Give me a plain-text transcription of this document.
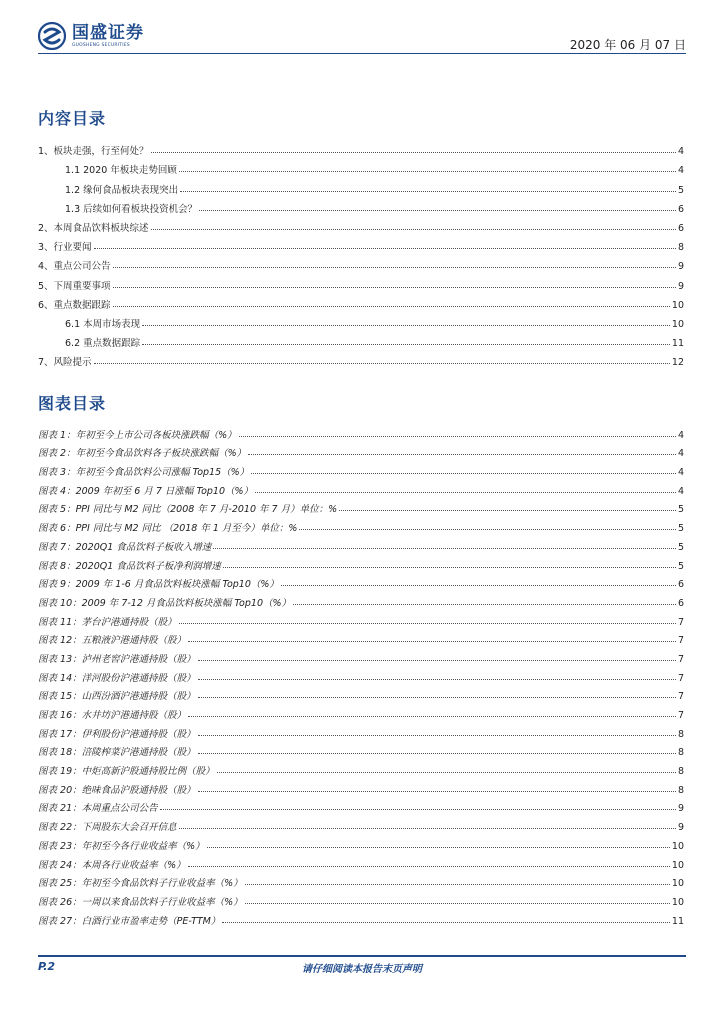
国盛证券
GUOSHENG SECURITIES	2020 年 06 月 07 日
内容目录
1、板块走强，行至何处？	4
1.1 2020 年板块走势回顾	4
1.2 缘何食品板块表现突出	5
1.3 后续如何看板块投资机会？	6
2、本周食品饮料板块综述	6
3、行业要闻	8
4、重点公司公告	9
5、下周重要事项	9
6、重点数据跟踪	10
6.1 本周市场表现	10
6.2 重点数据跟踪	11
7、风险提示	12
图表目录
图表 1：年初至今上市公司各板块涨跌幅（%）	4
图表 2：年初至今食品饮料各子板块涨跌幅（%）	4
图表 3：年初至今食品饮料公司涨幅 Top15（%）	4
图表 4：2009 年初至 6 月 7 日涨幅 Top10（%）	4
图表 5：PPI 同比与 M2 同比（2008 年 7 月-2010 年 7 月）单位：%	5
图表 6：PPI 同比与 M2 同比 （2018 年 1 月至今）单位：%	5
图表 7：2020Q1 食品饮料子板收入增速	5
图表 8：2020Q1 食品饮料子板净利润增速	5
图表 9：2009 年 1-6 月食品饮料板块涨幅 Top10（%）	6
图表 10：2009 年 7-12 月食品饮料板块涨幅 Top10（%）	6
图表 11：茅台沪港通持股（股）	7
图表 12：五粮液沪港通持股（股）	7
图表 13：泸州老窖沪港通持股（股）	7
图表 14：洋河股份沪港通持股（股）	7
图表 15：山西汾酒沪港通持股（股）	7
图表 16：水井坊沪港通持股（股）	7
图表 17：伊利股份沪港通持股（股）	8
图表 18：涪陵榨菜沪港通持股（股）	8
图表 19：中炬高新沪股通持股比例（股）	8
图表 20：绝味食品沪股通持股（股）	8
图表 21：本周重点公司公告	9
图表 22：下周股东大会召开信息	9
图表 23：年初至今各行业收益率（%）	10
图表 24：本周各行业收益率（%）	10
图表 25：年初至今食品饮料子行业收益率（%）	10
图表 26：一周以来食品饮料子行业收益率（%）	10
图表 27：白酒行业市盈率走势（PE-TTM）	11
P.2	请仔细阅读本报告末页声明
